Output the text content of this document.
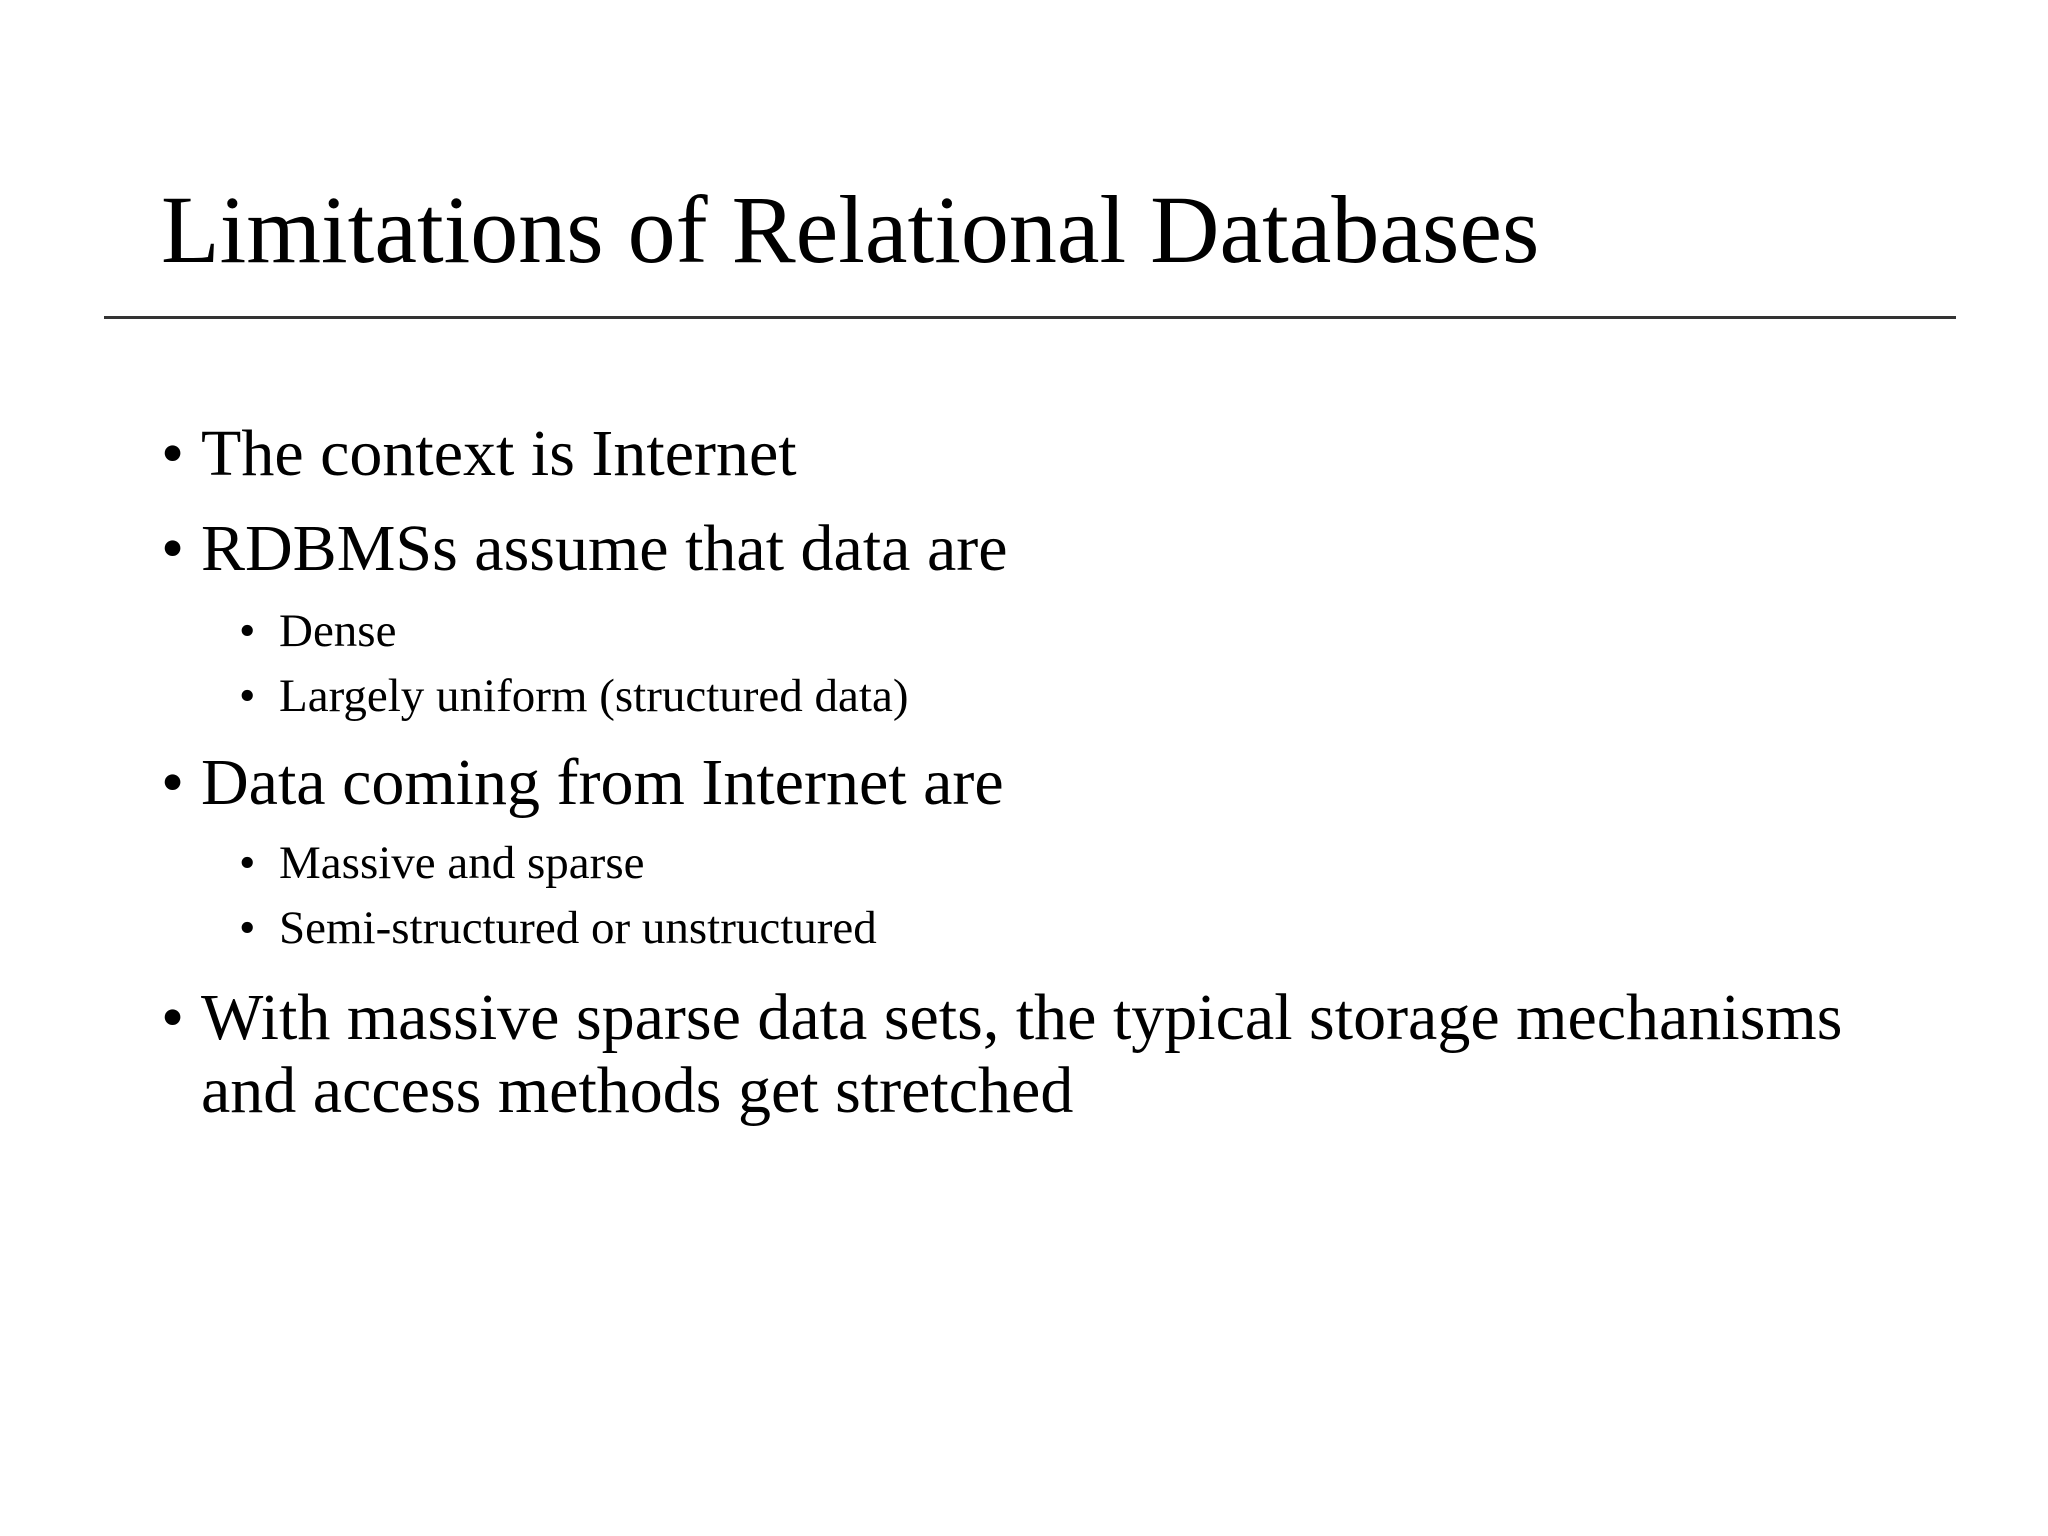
Limitations of Relational Databases
• The context is Internet
• RDBMSs assume that data are
• Dense
• Largely uniform (structured data)
• Data coming from Internet are
• Massive and sparse
• Semi-structured or unstructured
• With massive sparse data sets, the typical storage mechanisms
and access methods get stretched
